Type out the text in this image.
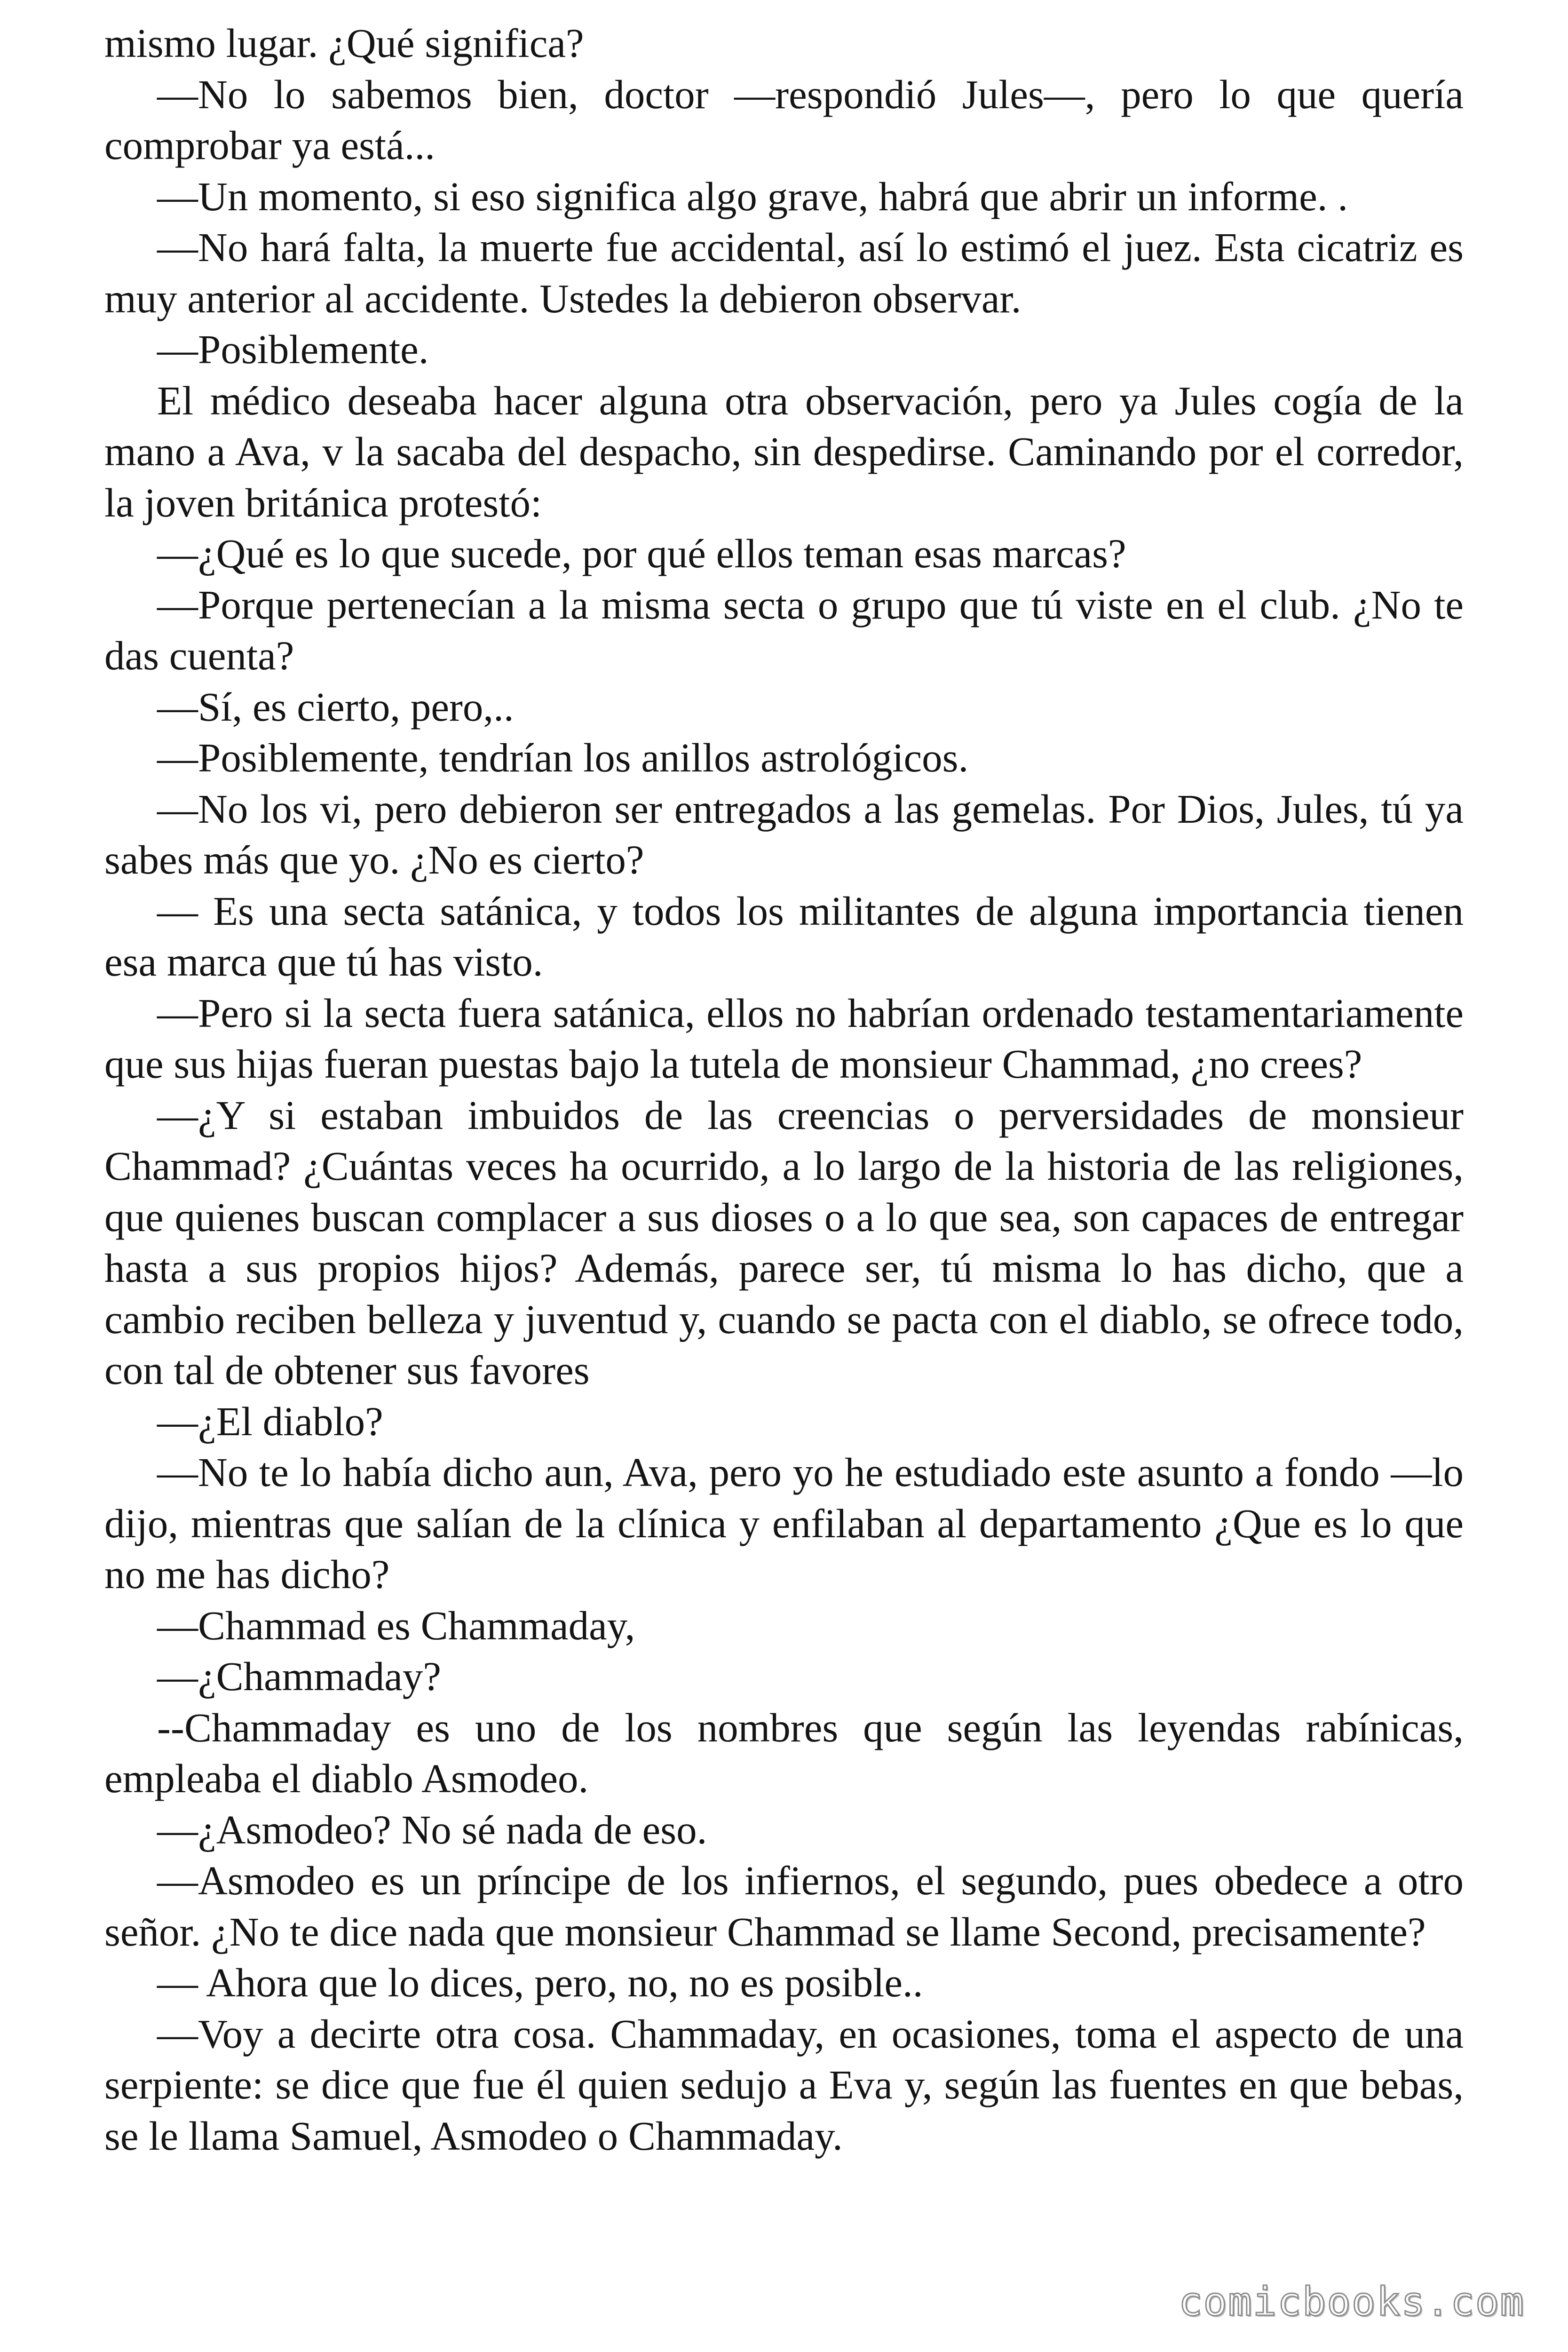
mismo lugar. ¿Qué significa?

—No lo sabemos bien, doctor —respondió Jules—, pero lo que quería comprobar ya está...

—Un momento, si eso significa algo grave, habrá que abrir un informe. .

—No hará falta, la muerte fue accidental, así lo estimó el juez. Esta cicatriz es muy anterior al accidente. Ustedes la debieron observar.

—Posiblemente.

El médico deseaba hacer alguna otra observación, pero ya Jules cogía de la mano a Ava, v la sacaba del despacho, sin despedirse. Caminando por el corredor, la joven británica protestó:

—¿Qué es lo que sucede, por qué ellos teman esas marcas?

—Porque pertenecían a la misma secta o grupo que tú viste en el club. ¿No te das cuenta?

—Sí, es cierto, pero,..

—Posiblemente, tendrían los anillos astrológicos.

—No los vi, pero debieron ser entregados a las gemelas. Por Dios, Jules, tú ya sabes más que yo. ¿No es cierto?

— Es una secta satánica, y todos los militantes de alguna importancia tienen esa marca que tú has visto.

—Pero si la secta fuera satánica, ellos no habrían ordenado testamentariamente que sus hijas fueran puestas bajo la tutela de monsieur Chammad, ¿no crees?

—¿Y si estaban imbuidos de las creencias o perversidades de monsieur Chammad? ¿Cuántas veces ha ocurrido, a lo largo de la historia de las religiones, que quienes buscan complacer a sus dioses o a lo que sea, son capaces de entregar hasta a sus propios hijos? Además, parece ser, tú misma lo has dicho, que a cambio reciben belleza y juventud y, cuando se pacta con el diablo, se ofrece todo, con tal de obtener sus favores

—¿El diablo?

—No te lo había dicho aun, Ava, pero yo he estudiado este asunto a fondo —lo dijo, mientras que salían de la clínica y enfilaban al departamento ¿Que es lo que no me has dicho?

—Chammad es Chammaday,

—¿Chammaday?

--Chammaday es uno de los nombres que según las leyendas rabínicas, empleaba el diablo Asmodeo.

—¿Asmodeo? No sé nada de eso.

—Asmodeo es un príncipe de los infiernos, el segundo, pues obedece a otro señor. ¿No te dice nada que monsieur Chammad se llame Second, precisamente?

— Ahora que lo dices, pero, no, no es posible..

—Voy a decirte otra cosa. Chammaday, en ocasiones, toma el aspecto de una serpiente: se dice que fue él quien sedujo a Eva y, según las fuentes en que bebas, se le llama Samuel, Asmodeo o Chammaday.

comicbooks.com
